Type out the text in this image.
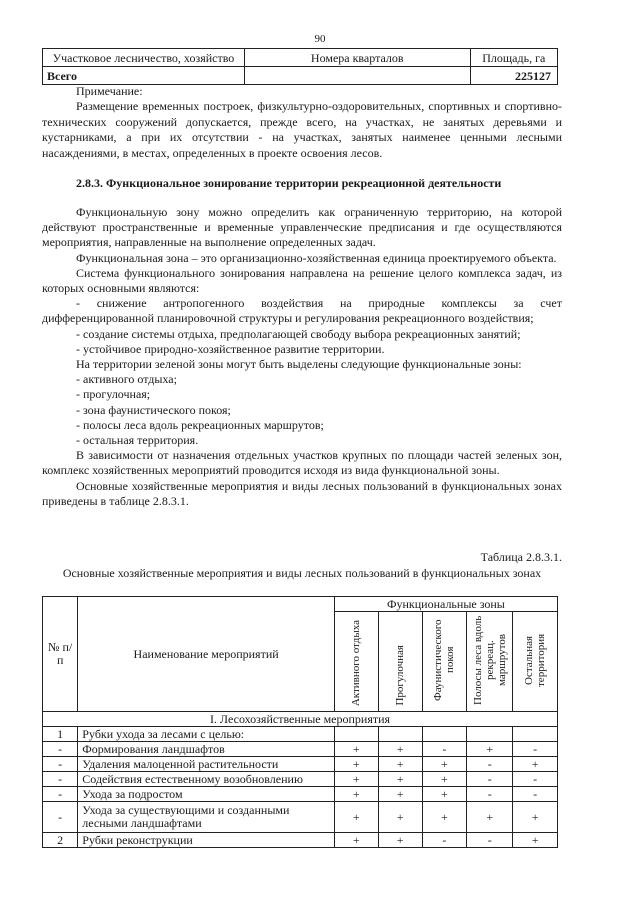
90
Участковое лесничество, хозяйство	Номера кварталов	Площадь, га
Всего		225127

Примечание:

Размещение временных построек, физкультурно-оздоровительных, спортивных и спортивно-технических сооружений допускается, прежде всего, на участках, не занятых деревьями и кустарниками, а при их отсутствии - на участках, занятых наименее ценными лесными насаждениями, в местах, определенных в проекте освоения лесов.

2.8.3. Функциональное зонирование территории рекреационной деятельности

Функциональную зону можно определить как ограниченную территорию, на которой действуют пространственные и временные управленческие предписания и где осуществляются мероприятия, направленные на выполнение определенных задач.

Функциональная зона – это организационно-хозяйственная единица проектируемого объекта.

Система функционального зонирования направлена на решение целого комплекса задач, из которых основными являются:

- снижение антропогенного воздействия на природные комплексы за счет дифференцированной планировочной структуры и регулирования рекреационного воздействия;

- создание системы отдыха, предполагающей свободу выбора рекреационных занятий;

- устойчивое природно-хозяйственное развитие территории.

На территории зеленой зоны могут быть выделены следующие функциональные зоны:

- активного отдыха;

- прогулочная;

- зона фаунистического покоя;

- полосы леса вдоль рекреационных маршрутов;

- остальная территория.

В зависимости от назначения отдельных участков крупных по площади частей зеленых зон, комплекс хозяйственных мероприятий проводится исходя из вида функциональной зоны.

Основные хозяйственные мероприятия и виды лесных пользований в функциональных зонах приведены в таблице 2.8.3.1.

Таблица 2.8.3.1.
Основные хозяйственные мероприятия и виды лесных пользований в функциональных зонах
№ п/п	Наименование мероприятий	Функциональные зоны				
		Активного отдыха	Прогулочная	Фаунистического покоя	Полосы леса вдоль рекреац. маршрутов	Остальная территория
I. Лесохозяйственные мероприятия						
1	Рубки ухода за лесами с целью:					
-	Формирования ландшафтов	+	+	-	+	-
-	Удаления малоценной растительности	+	+	+	-	+
-	Содействия естественному возобновлению	+	+	+	-	-
-	Ухода за подростом	+	+	+	-	-
-	Ухода за существующими и созданными лесными ландшафтами	+	+	+	+	+
2	Рубки реконструкции	+	+	-	-	+
